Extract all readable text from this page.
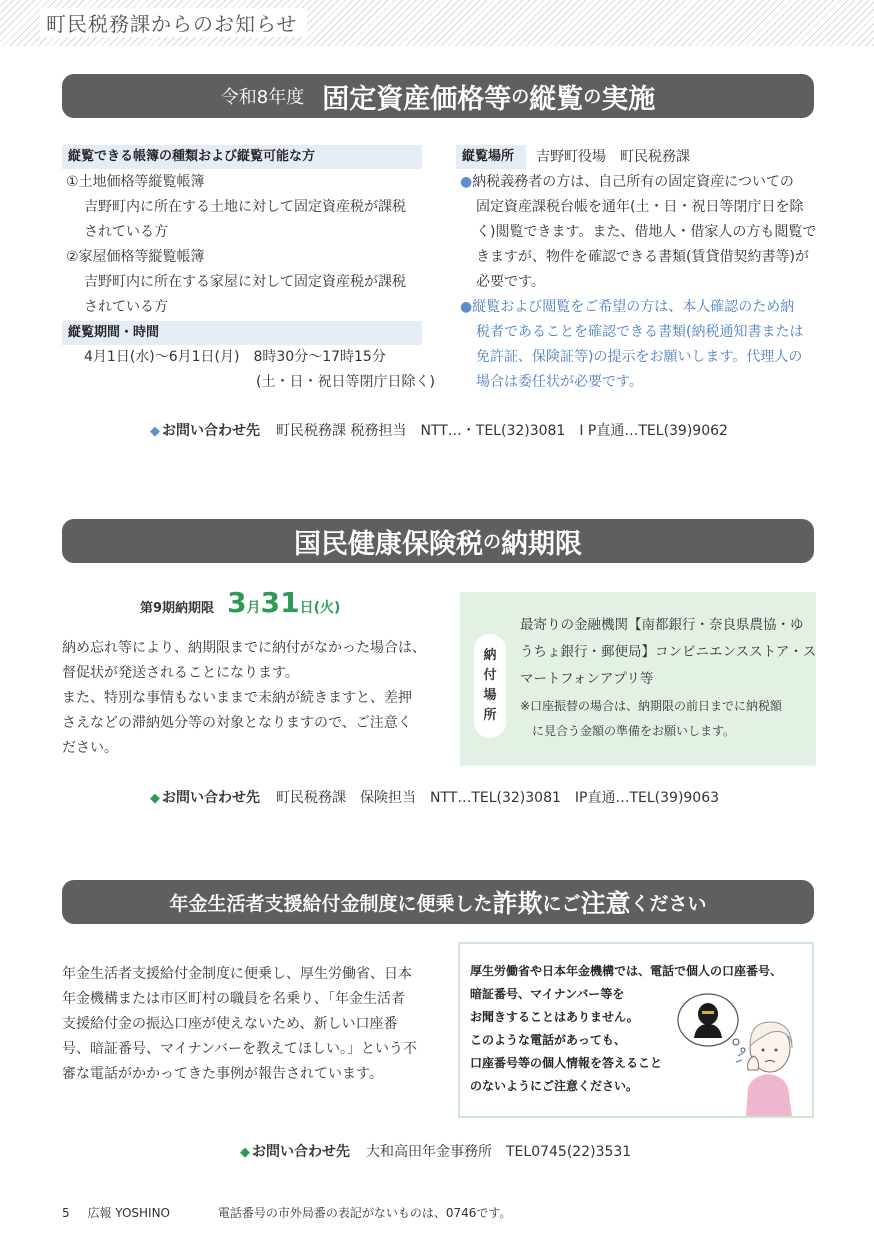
町民税務課からのお知らせ
令和8年度 固定資産価格等 の 縦覧 の 実施
縦覧できる帳簿の種類および縦覧可能な方
①土地価格等縦覧帳簿
吉野町内に所在する土地に対して固定資産税が課税
されている方
②家屋価格等縦覧帳簿
吉野町内に所在する家屋に対して固定資産税が課税
されている方
縦覧期間・時間
4月1日(水)～6月1日(月)　8時30分～17時15分
(土・日・祝日等閉庁日除く)
縦覧場所	吉野町役場　町民税務課
●納税義務者の方は、自己所有の固定資産についての
固定資産課税台帳を通年(土・日・祝日等閉庁日を除
く)閲覧できます。また、借地人・借家人の方も閲覧で
きますが、物件を確認できる書類(賃貸借契約書等)が
必要です。
●縦覧および閲覧をご希望の方は、本人確認のため納
税者であることを確認できる書類(納税通知書または
免許証、保険証等)の提示をお願いします。代理人の
場合は委任状が必要です。
◆ お問い合わせ先 町民税務課 税務担当　NTT…・TEL(32)3081　I P直通…TEL(39)9062
国民健康保険税 の 納期限
第9期納期限 3月31日(火)
納め忘れ等により、納期限までに納付がなかった場合は、
督促状が発送されることになります。
また、特別な事情もないままで未納が続きますと、差押
さえなどの滞納処分等の対象となりますので、ご注意く
ださい。
納
付
場
所
最寄りの金融機関【南都銀行・奈良県農協・ゆ
うちょ銀行・郵便局】コンビニエンスストア・ス
マートフォンアプリ等
※口座振替の場合は、納期限の前日までに納税額
に見合う金額の準備をお願いします。
◆ お問い合わせ先 町民税務課　保険担当　NTT…TEL(32)3081　IP直通…TEL(39)9063
年金生活者支援給付金制度に便乗した 詐欺 にご 注意 ください
年金生活者支援給付金制度に便乗し、厚生労働省、日本
年金機構または市区町村の職員を名乗り、「年金生活者
支援給付金の振込口座が使えないため、新しい口座番
号、暗証番号、マイナンバーを教えてほしい。」という不
審な電話がかかってきた事例が報告されています。
厚生労働省や日本年金機構では、電話で個人の口座番号、
暗証番号、マイナンバー等を
お聞きすることはありません。
このような電話があっても、
口座番号等の個人情報を答えること
のないようにご注意ください。
◆ お問い合わせ先 大和高田年金事務所　TEL0745(22)3531
5 広報 YOSHINO	電話番号の市外局番の表記がないものは、0746です。
